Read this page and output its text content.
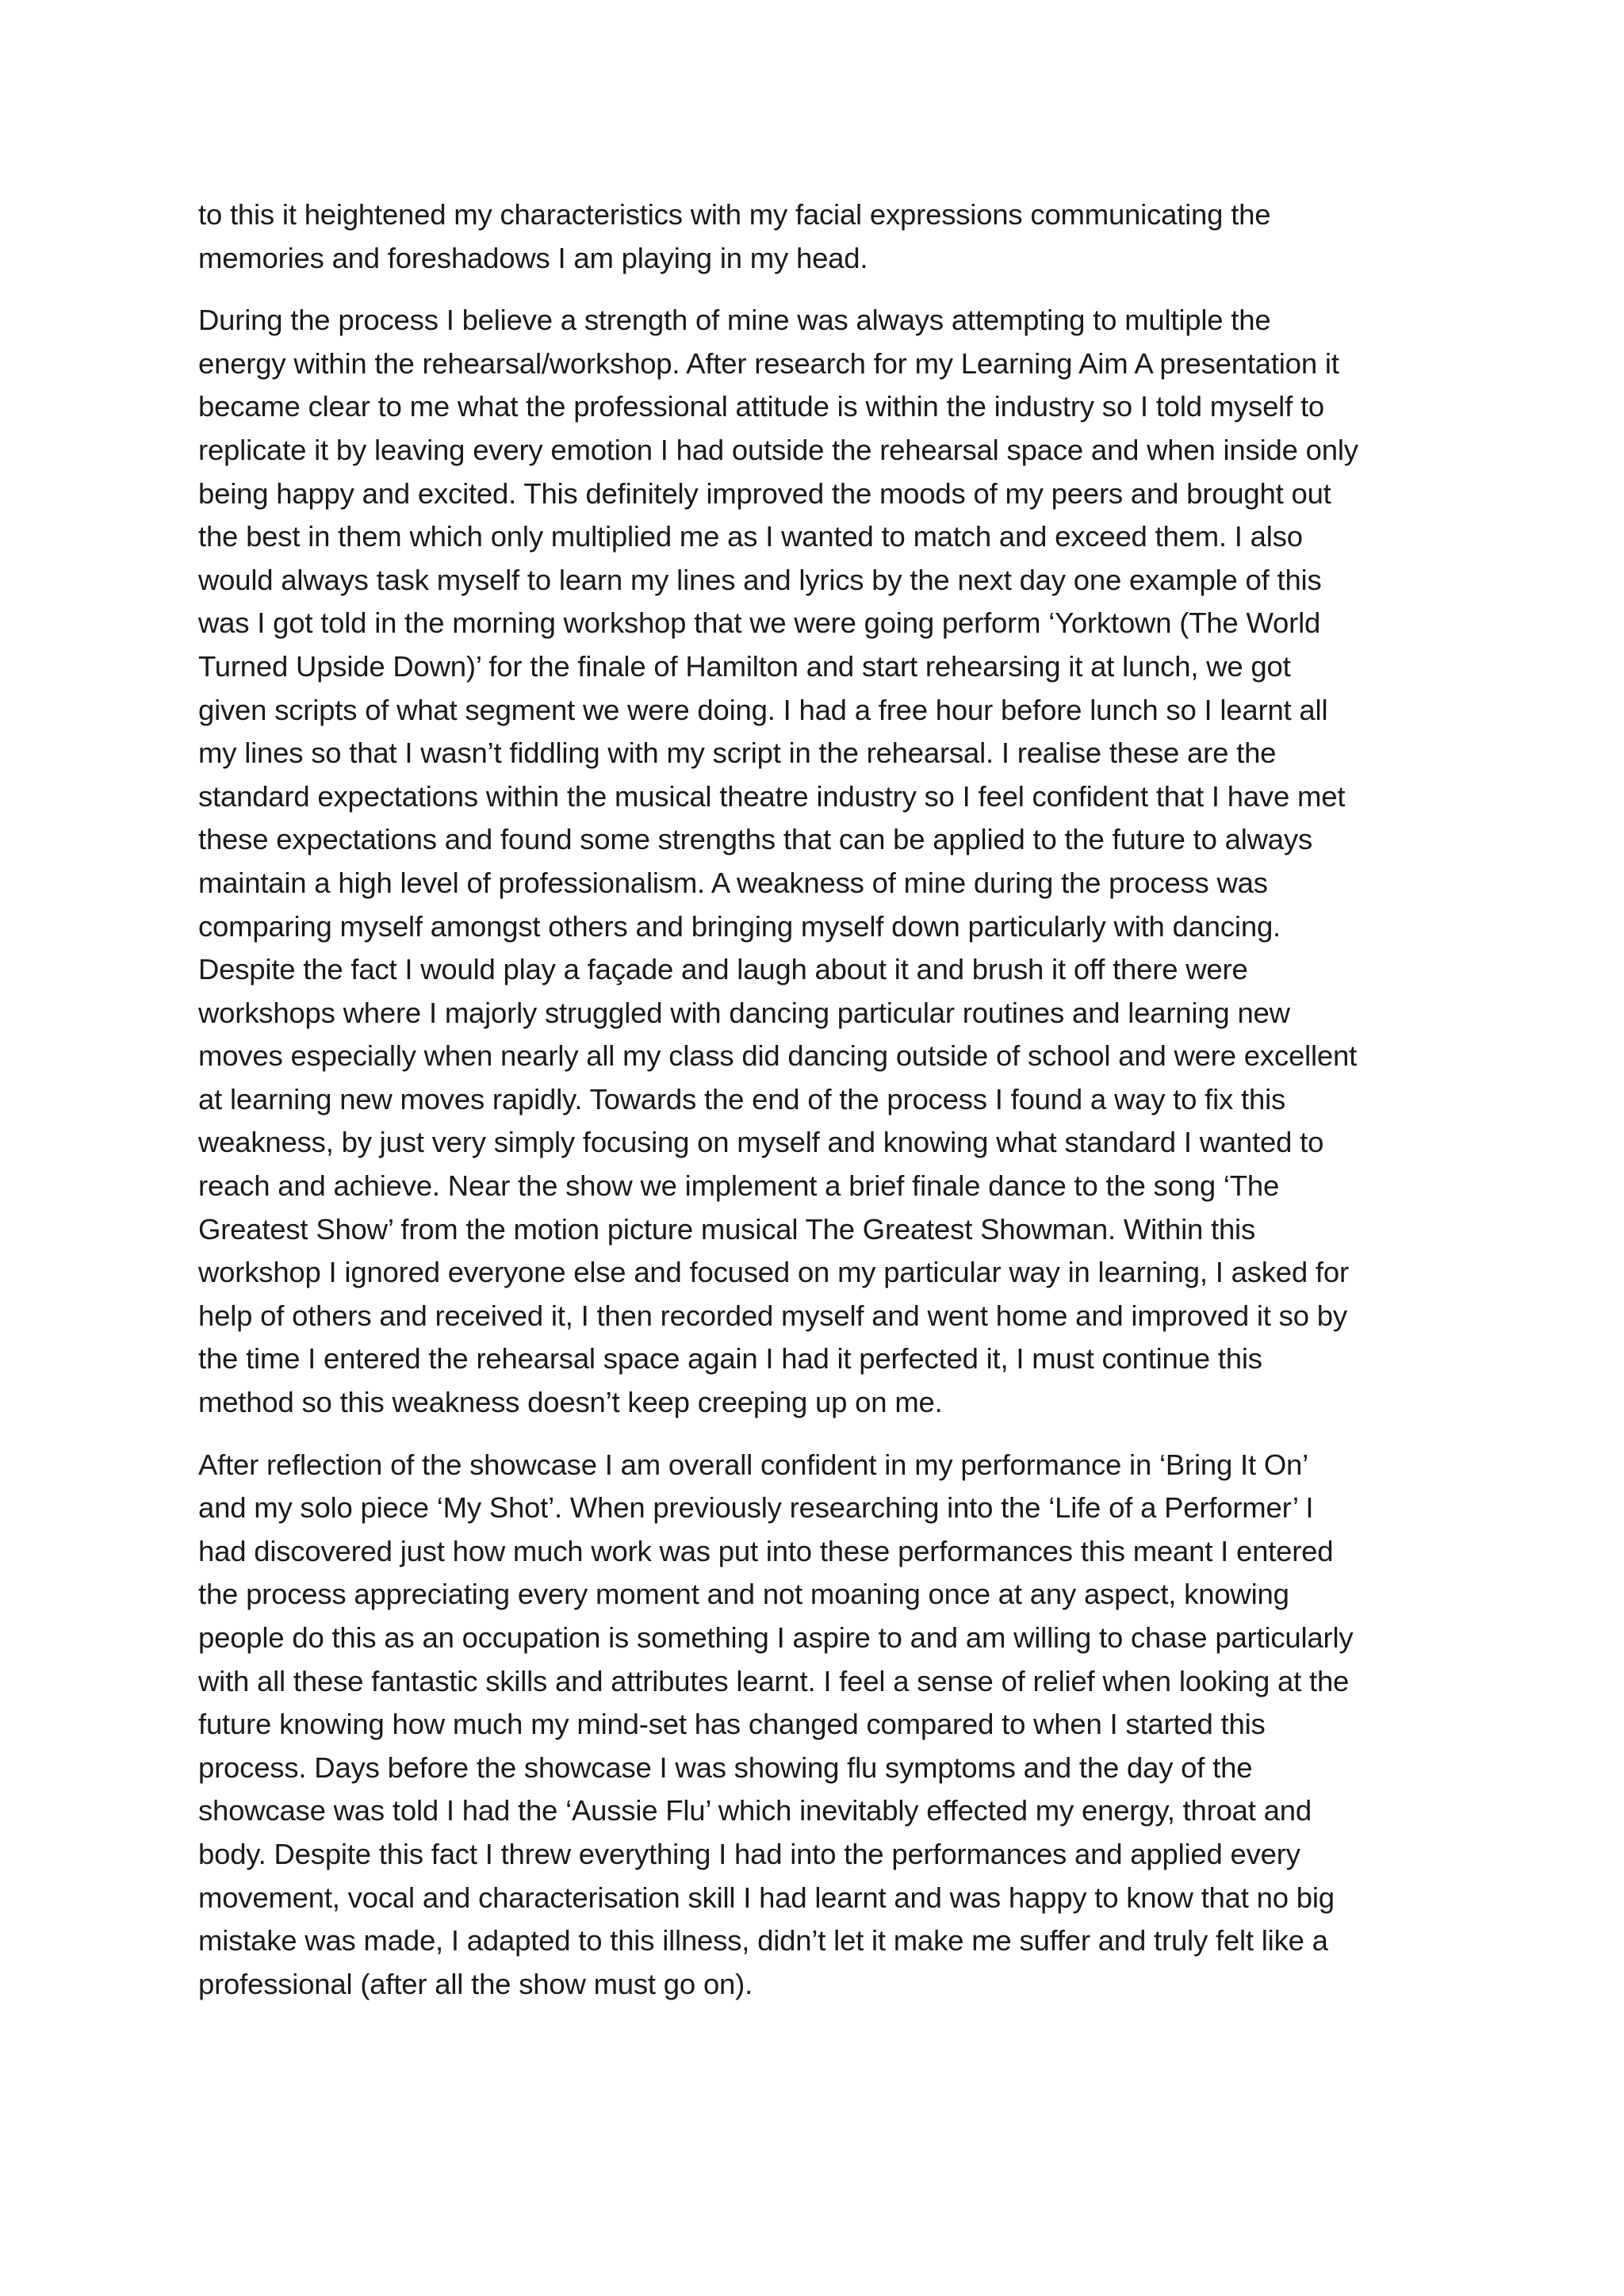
to this it heightened my characteristics with my facial expressions communicating the
memories and foreshadows I am playing in my head.

During the process I believe a strength of mine was always attempting to multiple the
energy within the rehearsal/workshop. After research for my Learning Aim A presentation it
became clear to me what the professional attitude is within the industry so I told myself to
replicate it by leaving every emotion I had outside the rehearsal space and when inside only
being happy and excited. This definitely improved the moods of my peers and brought out
the best in them which only multiplied me as I wanted to match and exceed them. I also
would always task myself to learn my lines and lyrics by the next day one example of this
was I got told in the morning workshop that we were going perform ‘Yorktown (The World
Turned Upside Down)’ for the finale of Hamilton and start rehearsing it at lunch, we got
given scripts of what segment we were doing. I had a free hour before lunch so I learnt all
my lines so that I wasn’t fiddling with my script in the rehearsal. I realise these are the
standard expectations within the musical theatre industry so I feel confident that I have met
these expectations and found some strengths that can be applied to the future to always
maintain a high level of professionalism. A weakness of mine during the process was
comparing myself amongst others and bringing myself down particularly with dancing.
Despite the fact I would play a façade and laugh about it and brush it off there were
workshops where I majorly struggled with dancing particular routines and learning new
moves especially when nearly all my class did dancing outside of school and were excellent
at learning new moves rapidly. Towards the end of the process I found a way to fix this
weakness, by just very simply focusing on myself and knowing what standard I wanted to
reach and achieve. Near the show we implement a brief finale dance to the song ‘The
Greatest Show’ from the motion picture musical The Greatest Showman. Within this
workshop I ignored everyone else and focused on my particular way in learning, I asked for
help of others and received it, I then recorded myself and went home and improved it so by
the time I entered the rehearsal space again I had it perfected it, I must continue this
method so this weakness doesn’t keep creeping up on me.

After reflection of the showcase I am overall confident in my performance in ‘Bring It On’
and my solo piece ‘My Shot’. When previously researching into the ‘Life of a Performer’ I
had discovered just how much work was put into these performances this meant I entered
the process appreciating every moment and not moaning once at any aspect, knowing
people do this as an occupation is something I aspire to and am willing to chase particularly
with all these fantastic skills and attributes learnt. I feel a sense of relief when looking at the
future knowing how much my mind-set has changed compared to when I started this
process. Days before the showcase I was showing flu symptoms and the day of the
showcase was told I had the ‘Aussie Flu’ which inevitably effected my energy, throat and
body. Despite this fact I threw everything I had into the performances and applied every
movement, vocal and characterisation skill I had learnt and was happy to know that no big
mistake was made, I adapted to this illness, didn’t let it make me suffer and truly felt like a
professional (after all the show must go on).
